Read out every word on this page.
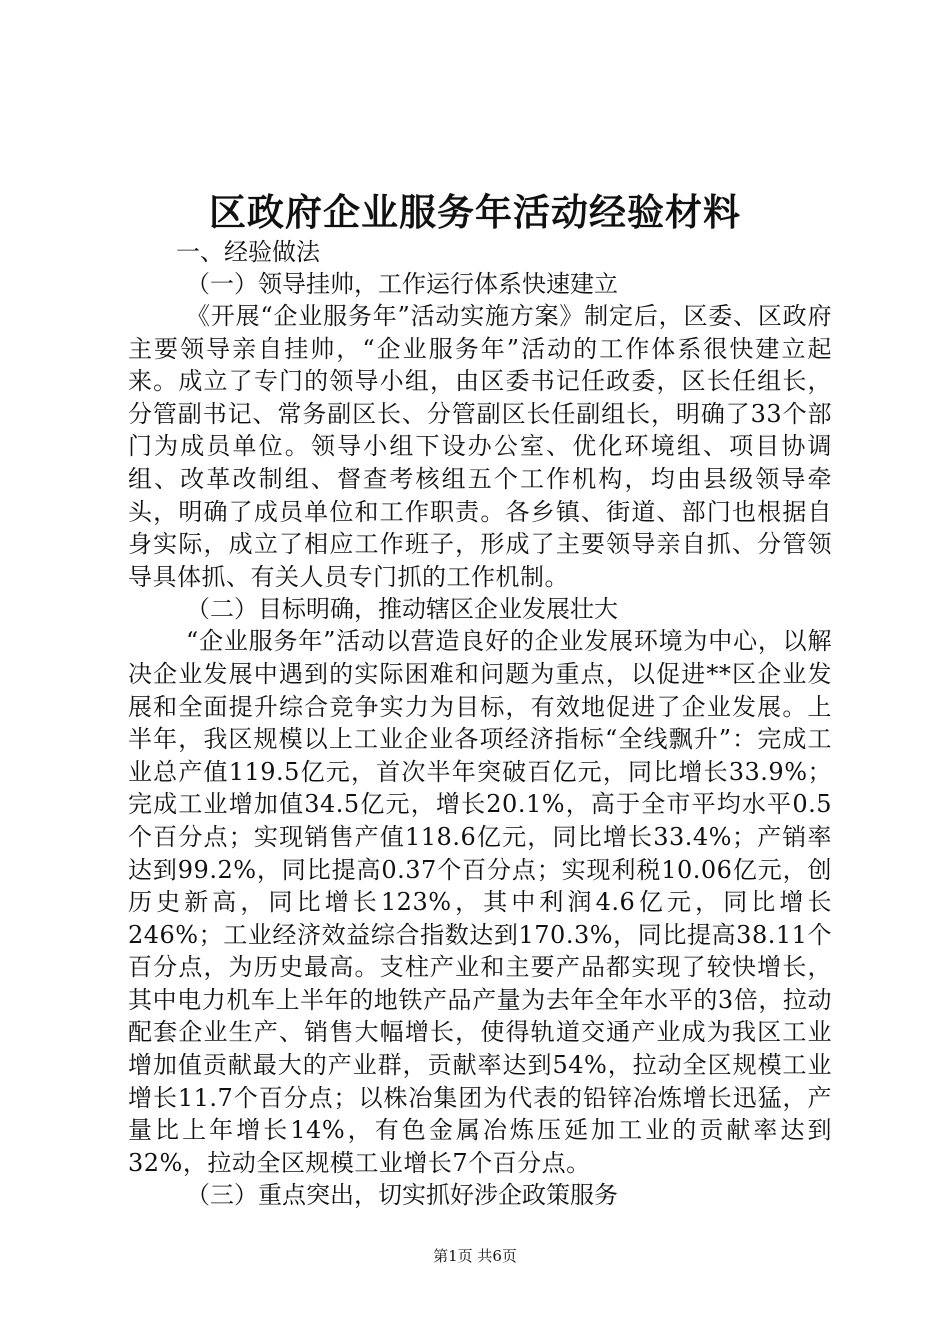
区政府企业服务年活动经验材料

一、经验做法

（一）领导挂帅，工作运行体系快速建立

《开展“企业服务年”活动实施方案》制定后，区委、区政府主要领导亲自挂帅，“企业服务年”活动的工作体系很快建立起来。成立了专门的领导小组，由区委书记任政委，区长任组长，分管副书记、常务副区长、分管副区长任副组长，明确了33个部门为成员单位。领导小组下设办公室、优化环境组、项目协调组、改革改制组、督查考核组五个工作机构，均由县级领导牵头，明确了成员单位和工作职责。各乡镇、街道、部门也根据自身实际，成立了相应工作班子，形成了主要领导亲自抓、分管领导具体抓、有关人员专门抓的工作机制。

（二）目标明确，推动辖区企业发展壮大

“企业服务年”活动以营造良好的企业发展环境为中心，以解决企业发展中遇到的实际困难和问题为重点，以促进**区企业发展和全面提升综合竞争实力为目标，有效地促进了企业发展。上半年，我区规模以上工业企业各项经济指标“全线飘升”：完成工业总产值119.5亿元，首次半年突破百亿元，同比增长33.9%；完成工业增加值34.5亿元，增长20.1%，高于全市平均水平0.5个百分点；实现销售产值118.6亿元，同比增长33.4%；产销率达到99.2%，同比提高0.37个百分点；实现利税10.06亿元，创历史新高，同比增长123%，其中利润4.6亿元，同比增长246%；工业经济效益综合指数达到170.3%，同比提高38.11个百分点，为历史最高。支柱产业和主要产品都实现了较快增长，其中电力机车上半年的地铁产品产量为去年全年水平的3倍，拉动配套企业生产、销售大幅增长，使得轨道交通产业成为我区工业增加值贡献最大的产业群，贡献率达到54%，拉动全区规模工业增长11.7个百分点；以株冶集团为代表的铅锌冶炼增长迅猛，产量比上年增长14%，有色金属冶炼压延加工业的贡献率达到32%，拉动全区规模工业增长7个百分点。

（三）重点突出，切实抓好涉企政策服务

第1页 共6页
